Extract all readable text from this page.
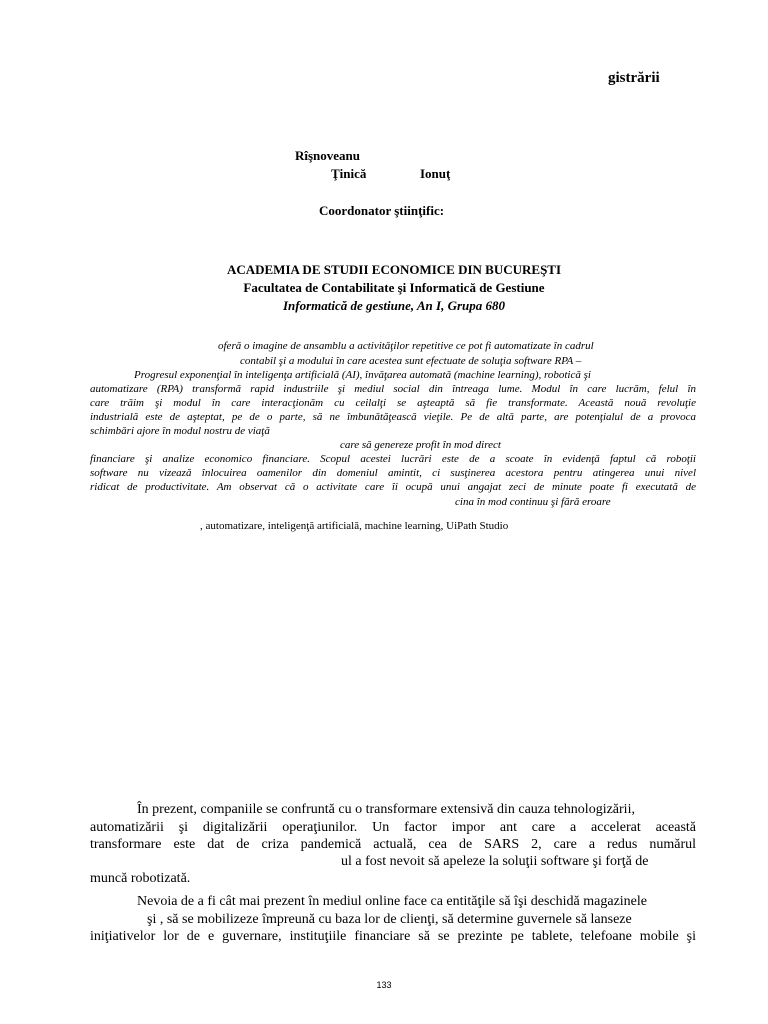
gistrării
Rîşnoveanu
Ţinică	Ionuţ
Coordonator ştiinţific:
ACADEMIA DE STUDII ECONOMICE DIN BUCUREŞTI
Facultatea de Contabilitate şi Informatică de Gestiune
Informatică de gestiune, An I, Grupa 680
oferă o imagine de ansamblu a activităţilor repetitive ce pot fi automatizate în cadrul
contabil şi a modului în care acestea sunt efectuate de soluţia software RPA –
Progresul exponenţial în inteligenţa artificială (AI), învăţarea automată (machine learning), robotică şi
automatizare (RPA) transformă rapid industriile şi mediul social din întreaga lume. Modul în care lucrăm, felul în
care trăim şi modul în care interacţionăm cu ceilalţi se aşteaptă să fie transformate. Această nouă revoluţie
industrială este de aşteptat, pe de o parte, să ne îmbunătăţească vieţile. Pe de altă parte, are potenţialul de a provoca
schimbări ajore în modul nostru de viaţă
care să genereze profit în mod direct
financiare şi analize economico financiare. Scopul acestei lucrări este de a scoate în evidenţă faptul că roboţii
software nu vizează înlocuirea oamenilor din domeniul amintit, ci susţinerea acestora pentru atingerea unui nivel
ridicat de productivitate. Am observat că o activitate care îi ocupă unui angajat zeci de minute poate fi executată de
cina în mod continuu şi fără eroare
, automatizare, inteligenţă artificială, machine learning, UiPath Studio
În prezent, companiile se confruntă cu o transformare extensivă din cauza tehnologizării,
automatizării şi digitalizării operaţiunilor. Un factor impor ant care a accelerat această
transformare este dat de criza pandemică actuală, cea de SARS 2, care a redus numărul
ul a fost nevoit să apeleze la soluţii software şi forţă de
muncă robotizată.
Nevoia de a fi cât mai prezent în mediul online face ca entităţile să îşi deschidă magazinele
şi , să se mobilizeze împreună cu baza lor de clienţi, să determine guvernele să lanseze
iniţiativelor lor de e guvernare, instituţiile financiare să se prezinte pe tablete, telefoane mobile şi
133
